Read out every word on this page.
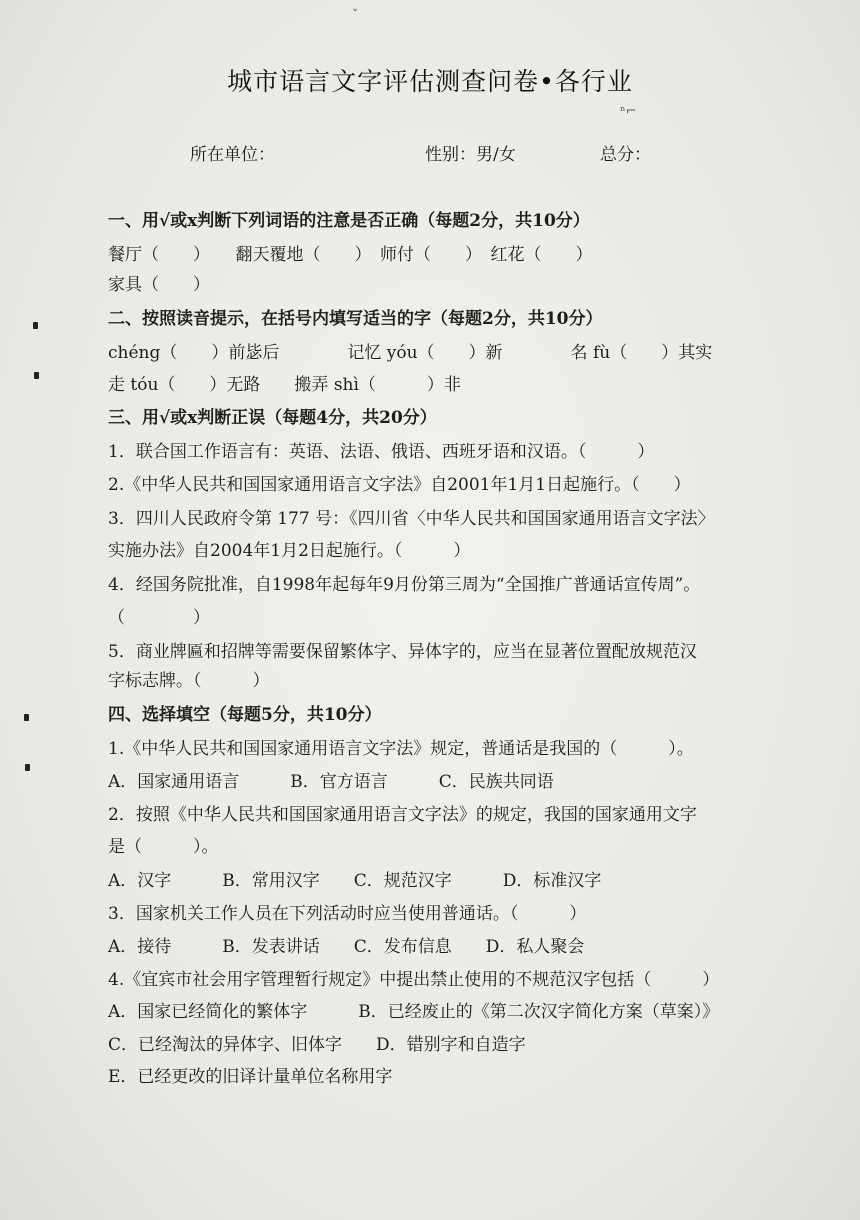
ˇ
ⁿ⌐
城市语言文字评估测查问卷•各行业
所在单位：	性别：男/女	总分：
一、用√或ⅹ判断下列词语的注意是否正确（每题2分，共10分）
餐厅（　　）　　翻天覆地（　　）　师付（　　）　红花（　　）
家具（　　）
二、按照读音提示，在括号内填写适当的字（每题2分，共10分）
chéng（　　）前毖后　　　　记忆 yóu（　　）新　　　　名 fù（　　）其实
走 tóu（　　）无路　　搬弄 shì（　　　）非
三、用√或ⅹ判断正误（每题4分，共20分）
1．联合国工作语言有：英语、法语、俄语、西班牙语和汉语。（　　　）
2.《中华人民共和国国家通用语言文字法》自2001年1月1日起施行。（　　）
3．四川人民政府令第 177 号：《四川省〈中华人民共和国国家通用语言文字法〉
实施办法》自2004年1月2日起施行。（　　　）
4．经国务院批准，自1998年起每年9月份第三周为“全国推广普通话宣传周”。
（　　　　）
5．商业牌匾和招牌等需要保留繁体字、异体字的，应当在显著位置配放规范汉
字标志牌。（　　　）
四、选择填空（每题5分，共10分）
1.《中华人民共和国国家通用语言文字法》规定，普通话是我国的（　　　）。
A．国家通用语言　　　B．官方语言　　　C．民族共同语
2．按照《中华人民共和国国家通用语言文字法》的规定，我国的国家通用文字
是（　　　）。
A．汉字　　　B．常用汉字　　C．规范汉字　　　D．标准汉字
3．国家机关工作人员在下列活动时应当使用普通话。（　　　）
A．接待　　　B．发表讲话　　C．发布信息　　D．私人聚会
4.《宜宾市社会用字管理暂行规定》中提出禁止使用的不规范汉字包括（　　　）
A．国家已经简化的繁体字　　　B．已经废止的《第二次汉字简化方案（草案）》
C．已经淘汰的异体字、旧体字　　D．错别字和自造字
E．已经更改的旧译计量单位名称用字
